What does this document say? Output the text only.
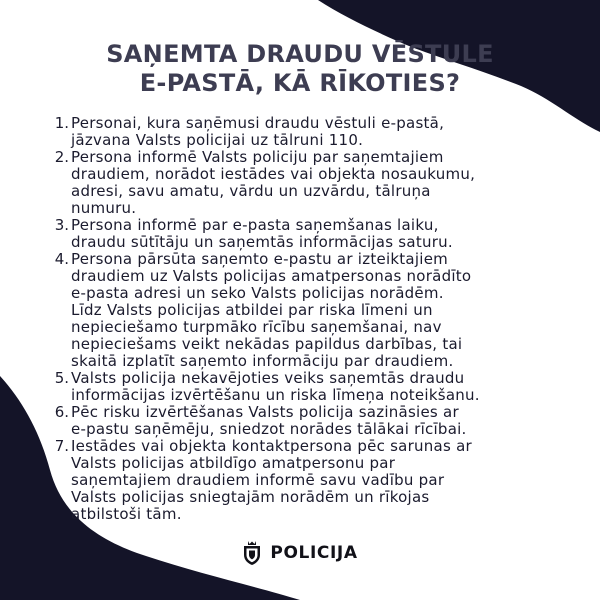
SAŅEMTA DRAUDU VĒSTULE
E-PASTĀ, KĀ RĪKOTIES?
1. Personai, kura saņēmusi draudu vēstuli e-pastā,
jāzvana Valsts policijai uz tālruni 110.
2. Persona informē Valsts policiju par saņemtajiem
draudiem, norādot iestādes vai objekta nosaukumu,
adresi, savu amatu, vārdu un uzvārdu, tālruņa
numuru.
3. Persona informē par e-pasta saņemšanas laiku,
draudu sūtītāju un saņemtās informācijas saturu.
4. Persona pārsūta saņemto e-pastu ar izteiktajiem
draudiem uz Valsts policijas amatpersonas norādīto
e-pasta adresi un seko Valsts policijas norādēm.
Līdz Valsts policijas atbildei par riska līmeni un
nepieciešamo turpmāko rīcību saņemšanai, nav
nepieciešams veikt nekādas papildus darbības, tai
skaitā izplatīt saņemto informāciju par draudiem.
5. Valsts policija nekavējoties veiks saņemtās draudu
informācijas izvērtēšanu un riska līmeņa noteikšanu.
6. Pēc risku izvērtēšanas Valsts policija sazināsies ar
e-pastu saņēmēju, sniedzot norādes tālākai rīcībai.
7. Iestādes vai objekta kontaktpersona pēc sarunas ar
Valsts policijas atbildīgo amatpersonu par
saņemtajiem draudiem informē savu vadību par
Valsts policijas sniegtajām norādēm un rīkojas
atbilstoši tām.
POLICIJA
